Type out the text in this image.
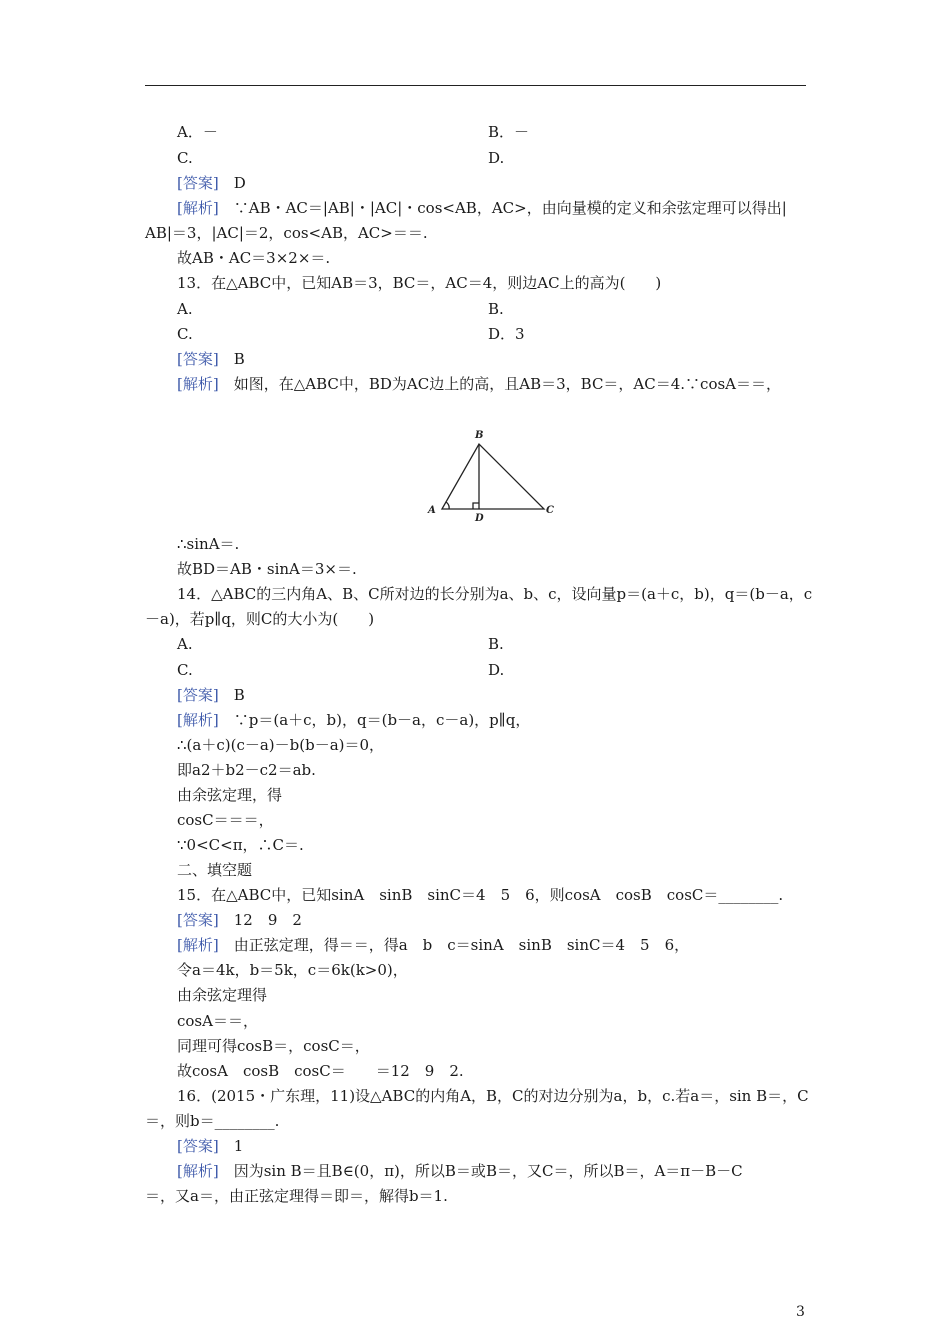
A．－	B．－
C.	D.
[答案]　 D
[解析]　 ∵AB・AC＝|AB|・|AC|・cos<AB，AC>，由向量模的定义和余弦定理可以得出|
AB|＝3，|AC|＝2，cos<AB，AC>＝＝.
故AB・AC＝3×2×＝.
13．在△ABC中，已知AB＝3，BC＝，AC＝4，则边AC上的高为(　　)
A.	B.
C.	D．3
[答案]　 B
[解析]　 如图，在△ABC中，BD为AC边上的高，且AB＝3，BC＝，AC＝4.∵cosA＝＝，
B
A	C
D
∴sinA＝.
故BD＝AB・sinA＝3×＝.
14．△ABC的三内角A、B、C所对边的长分别为a、b、c，设向量p＝(a＋c，b)，q＝(b－a，c
－a)，若p∥q，则C的大小为(　　)
A.	B.
C.	D.
[答案]　 B
[解析]　 ∵p＝(a＋c，b)，q＝(b－a，c－a)，p∥q，
∴(a＋c)(c－a)－b(b－a)＝0，
即a2＋b2－c2＝ab.
由余弦定理，得
cosC＝＝＝，
∵0<C<π，∴C＝.
二、填空题
15．在△ABC中，已知sinA　sinB　sinC＝4　5　6，则cosA　cosB　cosC＝________.
[答案]　 12　9　2
[解析]　 由正弦定理，得＝＝，得a　b　c＝sinA　sinB　sinC＝4　5　6，
令a＝4k，b＝5k，c＝6k(k>0)，
由余弦定理得
cosA＝＝，
同理可得cosB＝，cosC＝，
故cosA　cosB　cosC＝　　＝12　9　2.
16．(2015・广东理，11)设△ABC的内角A，B，C的对边分别为a，b，c.若a＝，sin B＝，C
＝，则b＝________.
[答案]　 1
[解析]　 因为sin B＝且B∈(0，π)，所以B＝或B＝，又C＝，所以B＝，A＝π－B－C
＝，又a＝，由正弦定理得＝即＝，解得b＝1.
3
